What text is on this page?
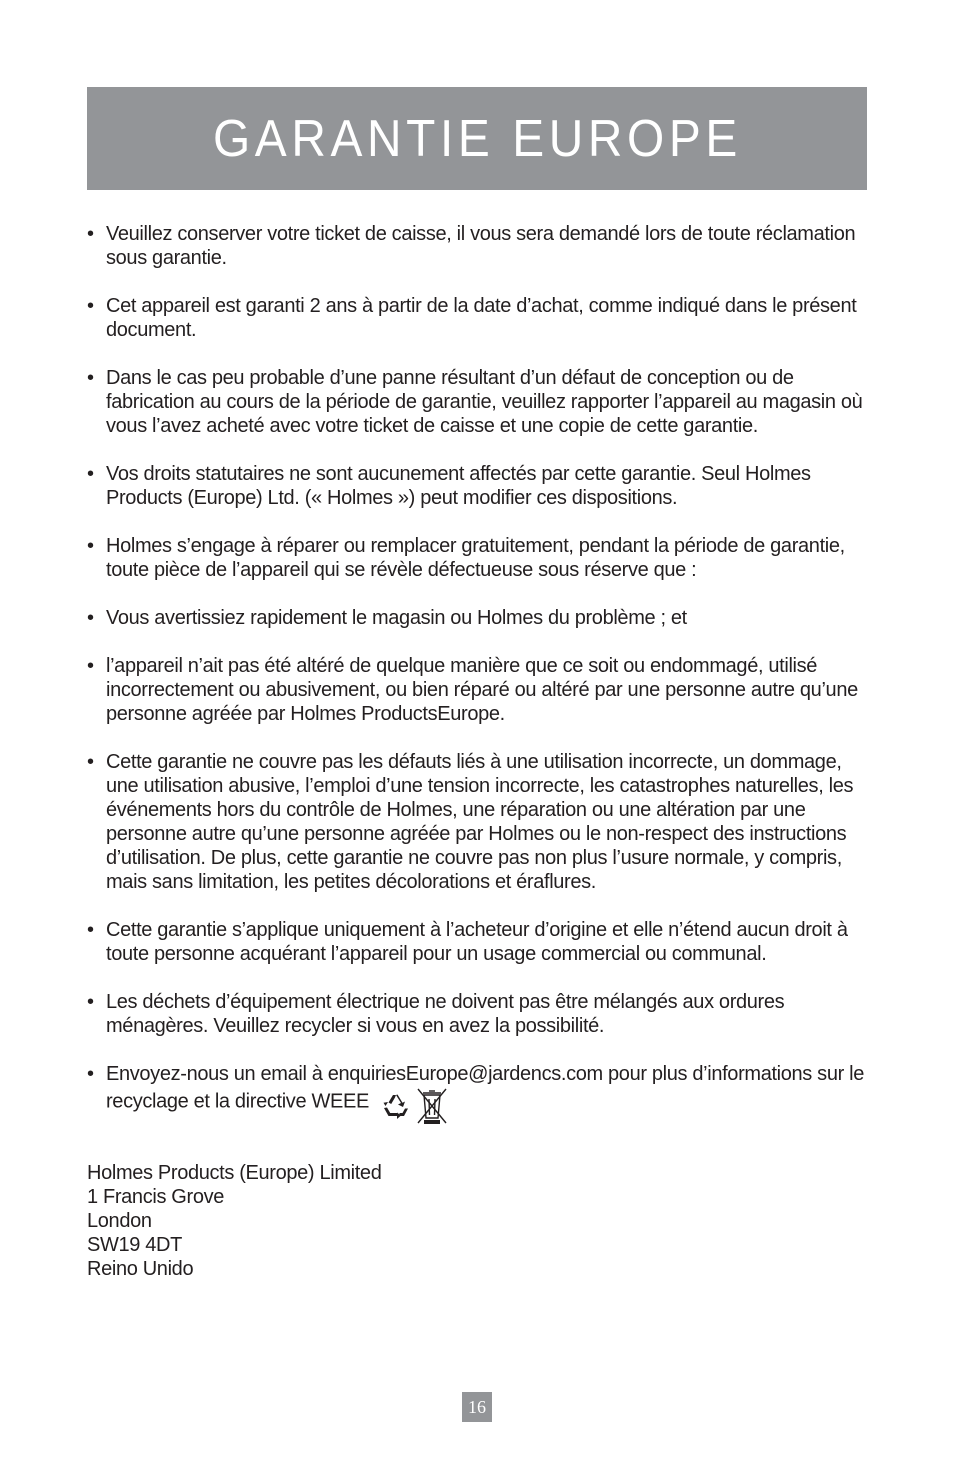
GARANTIE EUROPE
• Veuillez conserver votre ticket de caisse, il vous sera demandé lors de toute réclamation sous garantie.
• Cet appareil est garanti 2 ans à partir de la date d’achat, comme indiqué dans le présent document.
• Dans le cas peu probable d’une panne résultant d’un défaut de conception ou de fabrication au cours de la période de garantie, veuillez rapporter l’appareil au magasin où vous l’avez acheté avec votre ticket de caisse et une copie de cette garantie.
• Vos droits statutaires ne sont aucunement affectés par cette garantie. Seul Holmes Products (Europe) Ltd. (« Holmes ») peut modifier ces dispositions.
• Holmes s’engage à réparer ou remplacer gratuitement, pendant la période de garantie, toute pièce de l’appareil qui se révèle défectueuse sous réserve que :
• Vous avertissiez rapidement le magasin ou Holmes du problème ; et
• l’appareil n’ait pas été altéré de quelque manière que ce soit ou endommagé, utilisé incorrectement ou abusivement, ou bien réparé ou altéré par une personne autre qu’une personne agréée par Holmes ProductsEurope.
• Cette garantie ne couvre pas les défauts liés à une utilisation incorrecte, un dommage, une utilisation abusive, l’emploi d’une tension incorrecte, les catastrophes naturelles, les événements hors du contrôle de Holmes, une réparation ou une altération par une personne autre qu’une personne agréée par Holmes ou le non-respect des instructions d’utilisation. De plus, cette garantie ne couvre pas non plus l’usure normale, y compris, mais sans limitation, les petites décolorations et éraflures.
• Cette garantie s’applique uniquement à l’acheteur d’origine et elle n’étend aucun droit à toute personne acquérant l’appareil pour un usage commercial ou communal.
• Les déchets d’équipement électrique ne doivent pas être mélangés aux ordures ménagères. Veuillez recycler si vous en avez la possibilité.
• Envoyez-nous un email à enquiriesEurope@jardencs.com pour plus d’informations sur le recyclage et la directive WEEE
Holmes Products (Europe) Limited
1 Francis Grove
London
SW19 4DT
Reino Unido
16
